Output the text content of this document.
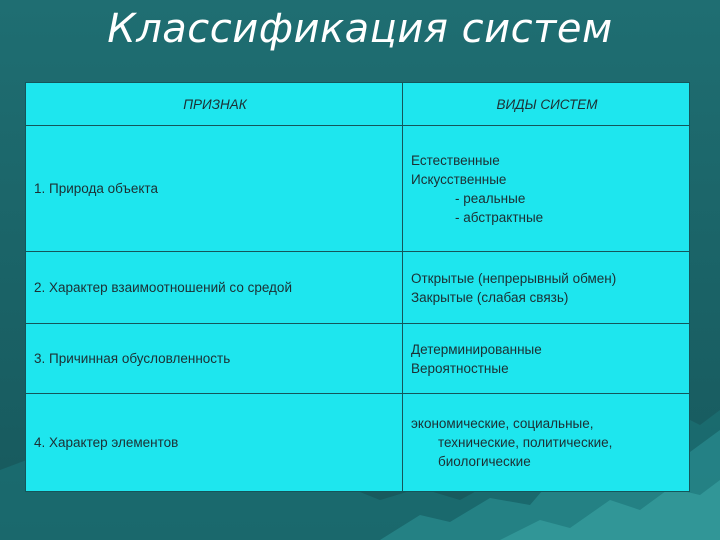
Классификация систем
ПРИЗНАК	ВИДЫ СИСТЕМ
1. Природа объекта	Естественные
Искусственные
- реальные
- абстрактные

2. Характер взаимоотношений со средой	Открытые (непрерывный обмен)
Закрытые (слабая связь)

3. Причинная обусловленность	Детерминированные
Вероятностные

4. Характер элементов	экономические, социальные,
технические, политические,
биологические
